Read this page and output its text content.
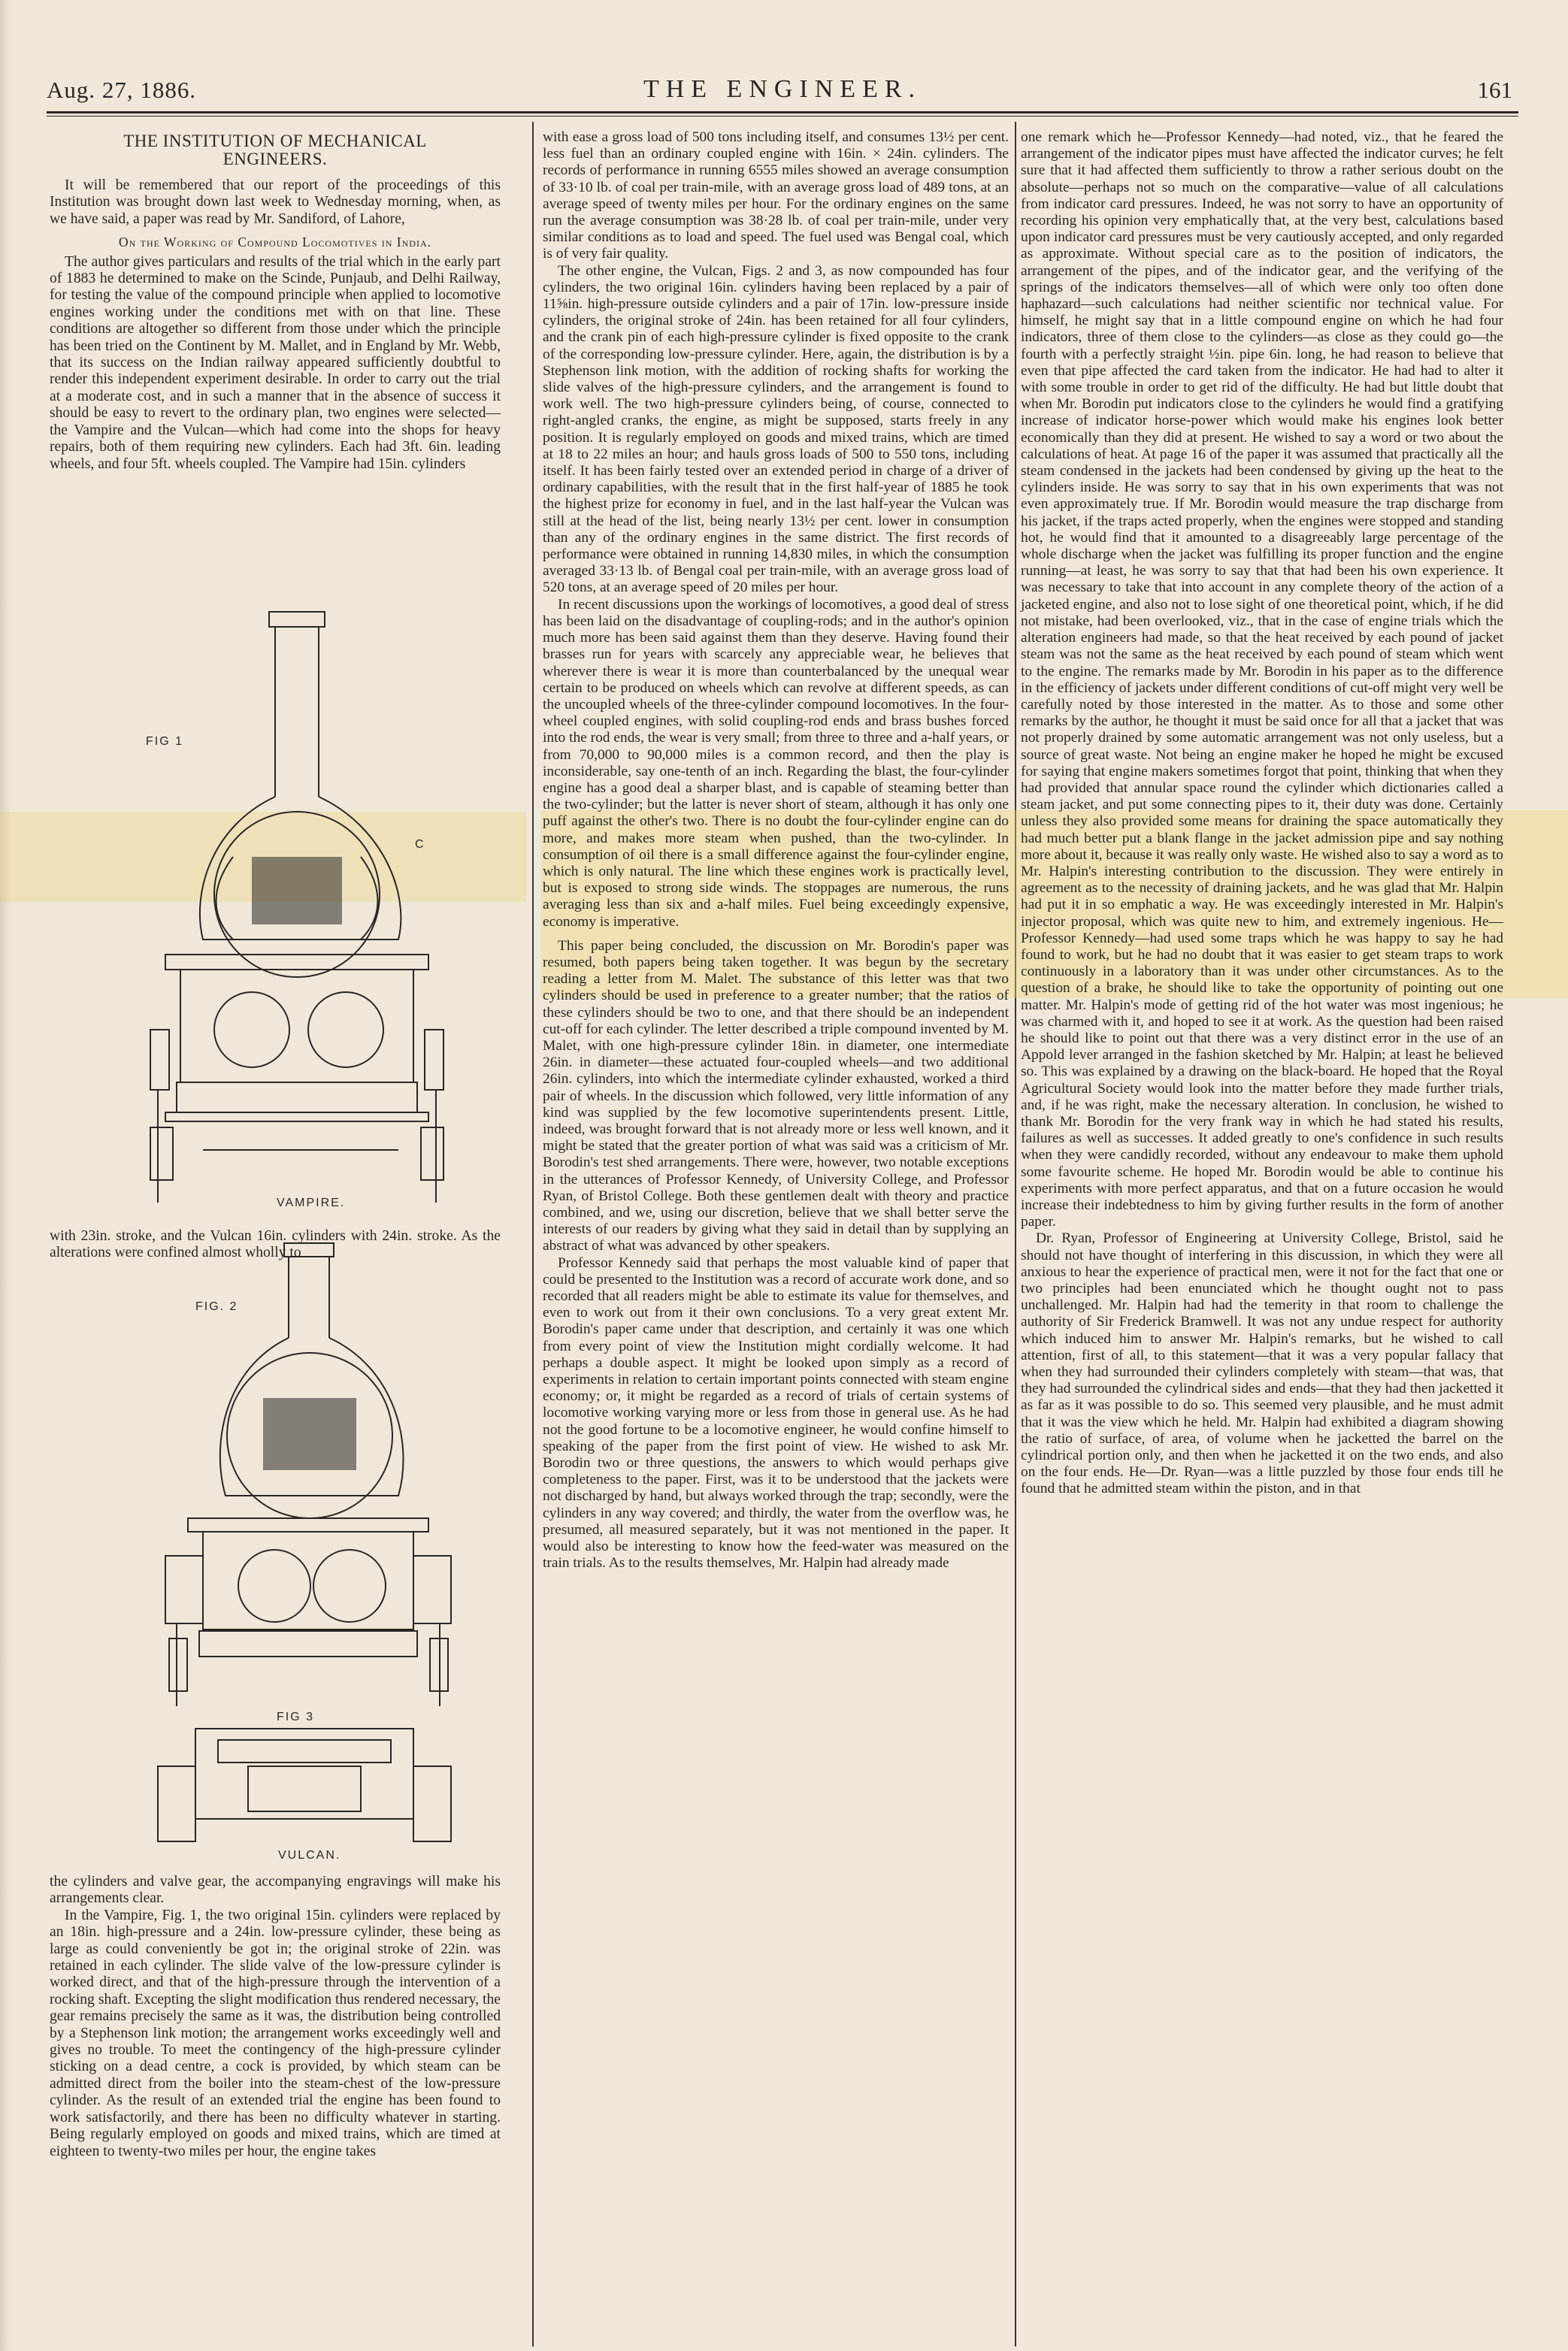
Aug. 27, 1886.	THE ENGINEER.	161
THE INSTITUTION OF MECHANICAL
ENGINEERS.

It will be remembered that our report of the proceedings of this Institution was brought down last week to Wednesday morning, when, as we have said, a paper was read by Mr. Sandiford, of Lahore,

On the Working of Compound Locomotives in India.

The author gives particulars and results of the trial which in the early part of 1883 he determined to make on the Scinde, Punjaub, and Delhi Railway, for testing the value of the compound principle when applied to locomotive engines working under the conditions met with on that line. These conditions are altogether so different from those under which the principle has been tried on the Continent by M. Mallet, and in England by Mr. Webb, that its success on the Indian railway appeared sufficiently doubtful to render this independent experiment desirable. In order to carry out the trial at a moderate cost, and in such a manner that in the absence of success it should be easy to revert to the ordinary plan, two engines were selected—the Vampire and the Vulcan—which had come into the shops for heavy repairs, both of them requiring new cylinders. Each had 3ft. 6in. leading wheels, and four 5ft. wheels coupled. The Vampire had 15in. cylinders

FIG 1
C
VAMPIRE.

with 23in. stroke, and the Vulcan 16in. cylinders with 24in. stroke. As the alterations were confined almost wholly to

FIG. 2
FIG 3
VULCAN.

the cylinders and valve gear, the accompanying engravings will make his arrangements clear.

In the Vampire, Fig. 1, the two original 15in. cylinders were replaced by an 18in. high-pressure and a 24in. low-pressure cylinder, these being as large as could conveniently be got in; the original stroke of 22in. was retained in each cylinder. The slide valve of the low-pressure cylinder is worked direct, and that of the high-pressure through the intervention of a rocking shaft. Excepting the slight modification thus rendered necessary, the gear remains precisely the same as it was, the distribution being controlled by a Stephenson link motion; the arrangement works exceedingly well and gives no trouble. To meet the contingency of the high-pressure cylinder sticking on a dead centre, a cock is provided, by which steam can be admitted direct from the boiler into the steam-chest of the low-pressure cylinder. As the result of an extended trial the engine has been found to work satisfactorily, and there has been no difficulty whatever in starting. Being regularly employed on goods and mixed trains, which are timed at eighteen to twenty-two miles per hour, the engine takes

with ease a gross load of 500 tons including itself, and consumes 13½ per cent. less fuel than an ordinary coupled engine with 16in. × 24in. cylinders. The records of performance in running 6555 miles showed an average consumption of 33·10 lb. of coal per train-mile, with an average gross load of 489 tons, at an average speed of twenty miles per hour. For the ordinary engines on the same run the average consumption was 38·28 lb. of coal per train-mile, under very similar conditions as to load and speed. The fuel used was Bengal coal, which is of very fair quality.

The other engine, the Vulcan, Figs. 2 and 3, as now compounded has four cylinders, the two original 16in. cylinders having been replaced by a pair of 11⅝in. high-pressure outside cylinders and a pair of 17in. low-pressure inside cylinders, the original stroke of 24in. has been retained for all four cylinders, and the crank pin of each high-pressure cylinder is fixed opposite to the crank of the corresponding low-pressure cylinder. Here, again, the distribution is by a Stephenson link motion, with the addition of rocking shafts for working the slide valves of the high-pressure cylinders, and the arrangement is found to work well. The two high-pressure cylinders being, of course, connected to right-angled cranks, the engine, as might be supposed, starts freely in any position. It is regularly employed on goods and mixed trains, which are timed at 18 to 22 miles an hour; and hauls gross loads of 500 to 550 tons, including itself. It has been fairly tested over an extended period in charge of a driver of ordinary capabilities, with the result that in the first half-year of 1885 he took the highest prize for economy in fuel, and in the last half-year the Vulcan was still at the head of the list, being nearly 13½ per cent. lower in consumption than any of the ordinary engines in the same district. The first records of performance were obtained in running 14,830 miles, in which the consumption averaged 33·13 lb. of Bengal coal per train-mile, with an average gross load of 520 tons, at an average speed of 20 miles per hour.

In recent discussions upon the workings of locomotives, a good deal of stress has been laid on the disadvantage of coupling-rods; and in the author's opinion much more has been said against them than they deserve. Having found their brasses run for years with scarcely any appreciable wear, he believes that wherever there is wear it is more than counterbalanced by the unequal wear certain to be produced on wheels which can revolve at different speeds, as can the uncoupled wheels of the three-cylinder compound locomotives. In the four-wheel coupled engines, with solid coupling-rod ends and brass bushes forced into the rod ends, the wear is very small; from three to three and a-half years, or from 70,000 to 90,000 miles is a common record, and then the play is inconsiderable, say one-tenth of an inch. Regarding the blast, the four-cylinder engine has a good deal a sharper blast, and is capable of steaming better than the two-cylinder; but the latter is never short of steam, although it has only one puff against the other's two. There is no doubt the four-cylinder engine can do more, and makes more steam when pushed, than the two-cylinder. In consumption of oil there is a small difference against the four-cylinder engine, which is only natural. The line which these engines work is practically level, but is exposed to strong side winds. The stoppages are numerous, the runs averaging less than six and a-half miles. Fuel being exceedingly expensive, economy is imperative.

This paper being concluded, the discussion on Mr. Borodin's paper was resumed, both papers being taken together. It was begun by the secretary reading a letter from M. Malet. The substance of this letter was that two cylinders should be used in preference to a greater number; that the ratios of these cylinders should be two to one, and that there should be an independent cut-off for each cylinder. The letter described a triple compound invented by M. Malet, with one high-pressure cylinder 18in. in diameter, one intermediate 26in. in diameter—these actuated four-coupled wheels—and two additional 26in. cylinders, into which the intermediate cylinder exhausted, worked a third pair of wheels. In the discussion which followed, very little information of any kind was supplied by the few locomotive superintendents present. Little, indeed, was brought forward that is not already more or less well known, and it might be stated that the greater portion of what was said was a criticism of Mr. Borodin's test shed arrangements. There were, however, two notable exceptions in the utterances of Professor Kennedy, of University College, and Professor Ryan, of Bristol College. Both these gentlemen dealt with theory and practice combined, and we, using our discretion, believe that we shall better serve the interests of our readers by giving what they said in detail than by supplying an abstract of what was advanced by other speakers.

Professor Kennedy said that perhaps the most valuable kind of paper that could be presented to the Institution was a record of accurate work done, and so recorded that all readers might be able to estimate its value for themselves, and even to work out from it their own conclusions. To a very great extent Mr. Borodin's paper came under that description, and certainly it was one which from every point of view the Institution might cordially welcome. It had perhaps a double aspect. It might be looked upon simply as a record of experiments in relation to certain important points connected with steam engine economy; or, it might be regarded as a record of trials of certain systems of locomotive working varying more or less from those in general use. As he had not the good fortune to be a locomotive engineer, he would confine himself to speaking of the paper from the first point of view. He wished to ask Mr. Borodin two or three questions, the answers to which would perhaps give completeness to the paper. First, was it to be understood that the jackets were not discharged by hand, but always worked through the trap; secondly, were the cylinders in any way covered; and thirdly, the water from the overflow was, he presumed, all measured separately, but it was not mentioned in the paper. It would also be interesting to know how the feed-water was measured on the train trials. As to the results themselves, Mr. Halpin had already made

one remark which he—Professor Kennedy—had noted, viz., that he feared the arrangement of the indicator pipes must have affected the indicator curves; he felt sure that it had affected them sufficiently to throw a rather serious doubt on the absolute—perhaps not so much on the comparative—value of all calculations from indicator card pressures. Indeed, he was not sorry to have an opportunity of recording his opinion very emphatically that, at the very best, calculations based upon indicator card pressures must be very cautiously accepted, and only regarded as approximate. Without special care as to the position of indicators, the arrangement of the pipes, and of the indicator gear, and the verifying of the springs of the indicators themselves—all of which were only too often done haphazard—such calculations had neither scientific nor technical value. For himself, he might say that in a little compound engine on which he had four indicators, three of them close to the cylinders—as close as they could go—the fourth with a perfectly straight ½in. pipe 6in. long, he had reason to believe that even that pipe affected the card taken from the indicator. He had had to alter it with some trouble in order to get rid of the difficulty. He had but little doubt that when Mr. Borodin put indicators close to the cylinders he would find a gratifying increase of indicator horse-power which would make his engines look better economically than they did at present. He wished to say a word or two about the calculations of heat. At page 16 of the paper it was assumed that practically all the steam condensed in the jackets had been condensed by giving up the heat to the cylinders inside. He was sorry to say that in his own experiments that was not even approximately true. If Mr. Borodin would measure the trap discharge from his jacket, if the traps acted properly, when the engines were stopped and standing hot, he would find that it amounted to a disagreeably large percentage of the whole discharge when the jacket was fulfilling its proper function and the engine running—at least, he was sorry to say that that had been his own experience. It was necessary to take that into account in any complete theory of the action of a jacketed engine, and also not to lose sight of one theoretical point, which, if he did not mistake, had been overlooked, viz., that in the case of engine trials which the alteration engineers had made, so that the heat received by each pound of jacket steam was not the same as the heat received by each pound of steam which went to the engine. The remarks made by Mr. Borodin in his paper as to the difference in the efficiency of jackets under different conditions of cut-off might very well be carefully noted by those interested in the matter. As to those and some other remarks by the author, he thought it must be said once for all that a jacket that was not properly drained by some automatic arrangement was not only useless, but a source of great waste. Not being an engine maker he hoped he might be excused for saying that engine makers sometimes forgot that point, thinking that when they had provided that annular space round the cylinder which dictionaries called a steam jacket, and put some connecting pipes to it, their duty was done. Certainly unless they also provided some means for draining the space automatically they had much better put a blank flange in the jacket admission pipe and say nothing more about it, because it was really only waste. He wished also to say a word as to Mr. Halpin's interesting contribution to the discussion. They were entirely in agreement as to the necessity of draining jackets, and he was glad that Mr. Halpin had put it in so emphatic a way. He was exceedingly interested in Mr. Halpin's injector proposal, which was quite new to him, and extremely ingenious. He—Professor Kennedy—had used some traps which he was happy to say he had found to work, but he had no doubt that it was easier to get steam traps to work continuously in a laboratory than it was under other circumstances. As to the question of a brake, he should like to take the opportunity of pointing out one matter. Mr. Halpin's mode of getting rid of the hot water was most ingenious; he was charmed with it, and hoped to see it at work. As the question had been raised he should like to point out that there was a very distinct error in the use of an Appold lever arranged in the fashion sketched by Mr. Halpin; at least he believed so. This was explained by a drawing on the black-board. He hoped that the Royal Agricultural Society would look into the matter before they made further trials, and, if he was right, make the necessary alteration. In conclusion, he wished to thank Mr. Borodin for the very frank way in which he had stated his results, failures as well as successes. It added greatly to one's confidence in such results when they were candidly recorded, without any endeavour to make them uphold some favourite scheme. He hoped Mr. Borodin would be able to continue his experiments with more perfect apparatus, and that on a future occasion he would increase their indebtedness to him by giving further results in the form of another paper.

Dr. Ryan, Professor of Engineering at University College, Bristol, said he should not have thought of interfering in this discussion, in which they were all anxious to hear the experience of practical men, were it not for the fact that one or two principles had been enunciated which he thought ought not to pass unchallenged. Mr. Halpin had had the temerity in that room to challenge the authority of Sir Frederick Bramwell. It was not any undue respect for authority which induced him to answer Mr. Halpin's remarks, but he wished to call attention, first of all, to this statement—that it was a very popular fallacy that when they had surrounded their cylinders completely with steam—that was, that they had surrounded the cylindrical sides and ends—that they had then jacketted it as far as it was possible to do so. This seemed very plausible, and he must admit that it was the view which he held. Mr. Halpin had exhibited a diagram showing the ratio of surface, of area, of volume when he jacketted the barrel on the cylindrical portion only, and then when he jacketted it on the two ends, and also on the four ends. He—Dr. Ryan—was a little puzzled by those four ends till he found that he admitted steam within the piston, and in that
